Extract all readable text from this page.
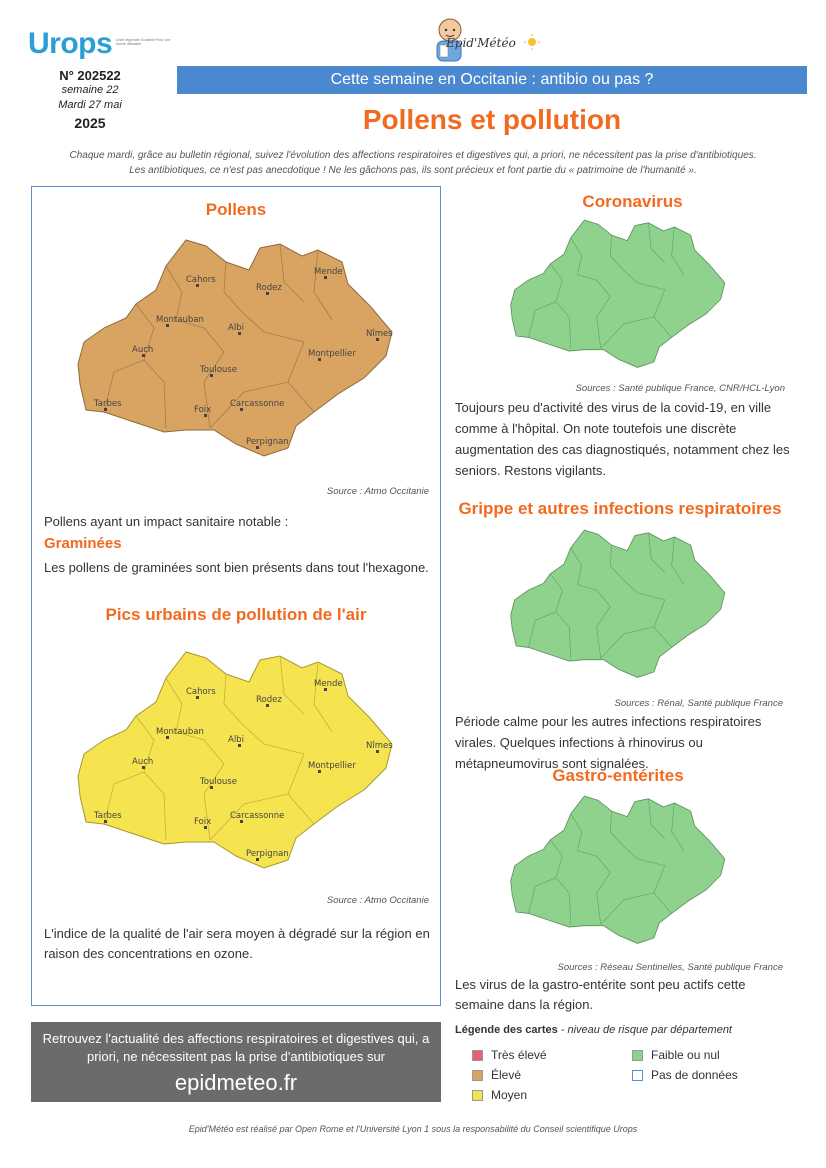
Urops	Unité régionale Occitanie Pour une bonne utilisation	Epid'Météo
N° 202522
semaine 22
Mardi 27 mai
2025
Cette semaine en Occitanie : antibio ou pas ?
Pollens et pollution
Chaque mardi, grâce au bulletin régional, suivez l'évolution des affections respiratoires et digestives qui, a priori, ne nécessitent pas la prise d'antibiotiques.
Les antibiotiques, ce n'est pas anecdotique ! Ne les gâchons pas, ils sont précieux et font partie du « patrimoine de l'humanité ».
Pollens
Cahors
Rodez
Mende
Montauban
Albi
Nîmes
Auch
Toulouse
Montpellier
Tarbes
Foix
Carcassonne
Perpignan
Source : Atmo Occitanie
Pollens ayant un impact sanitaire notable :
Graminées
Les pollens de graminées sont bien présents dans tout l'hexagone.
Pics urbains de pollution de l'air
Cahors
Rodez
Mende
Montauban
Albi
Nîmes
Auch
Toulouse
Montpellier
Tarbes
Foix
Carcassonne
Perpignan
Source : Atmo Occitanie
L'indice de la qualité de l'air sera moyen à dégradé sur la région en raison des concentrations en ozone.
Coronavirus
Sources : Santé publique France, CNR/HCL-Lyon
Toujours peu d'activité des virus de la covid-19, en ville comme à l'hôpital. On note toutefois une discrète augmentation des cas diagnostiqués, notamment chez les seniors. Restons vigilants.
Grippe et autres infections respiratoires
Sources : Rénal, Santé publique France
Période calme pour les autres infections respiratoires virales. Quelques infections à rhinovirus ou métapneumovirus sont signalées.
Gastro-entérites
Sources : Réseau Sentinelles, Santé publique France
Les virus de la gastro-entérite sont peu actifs cette semaine dans la région.
Retrouvez l'actualité des affections respiratoires et digestives qui, a priori, ne nécessitent pas la prise d'antibiotiques sur
epidmeteo.fr
Légende des cartes - niveau de risque par département
Très élevé
Élevé
Moyen
Faible ou nul
Pas de données
Epid'Météo est réalisé par Open Rome et l'Université Lyon 1 sous la responsabilité du Conseil scientifique Urops
